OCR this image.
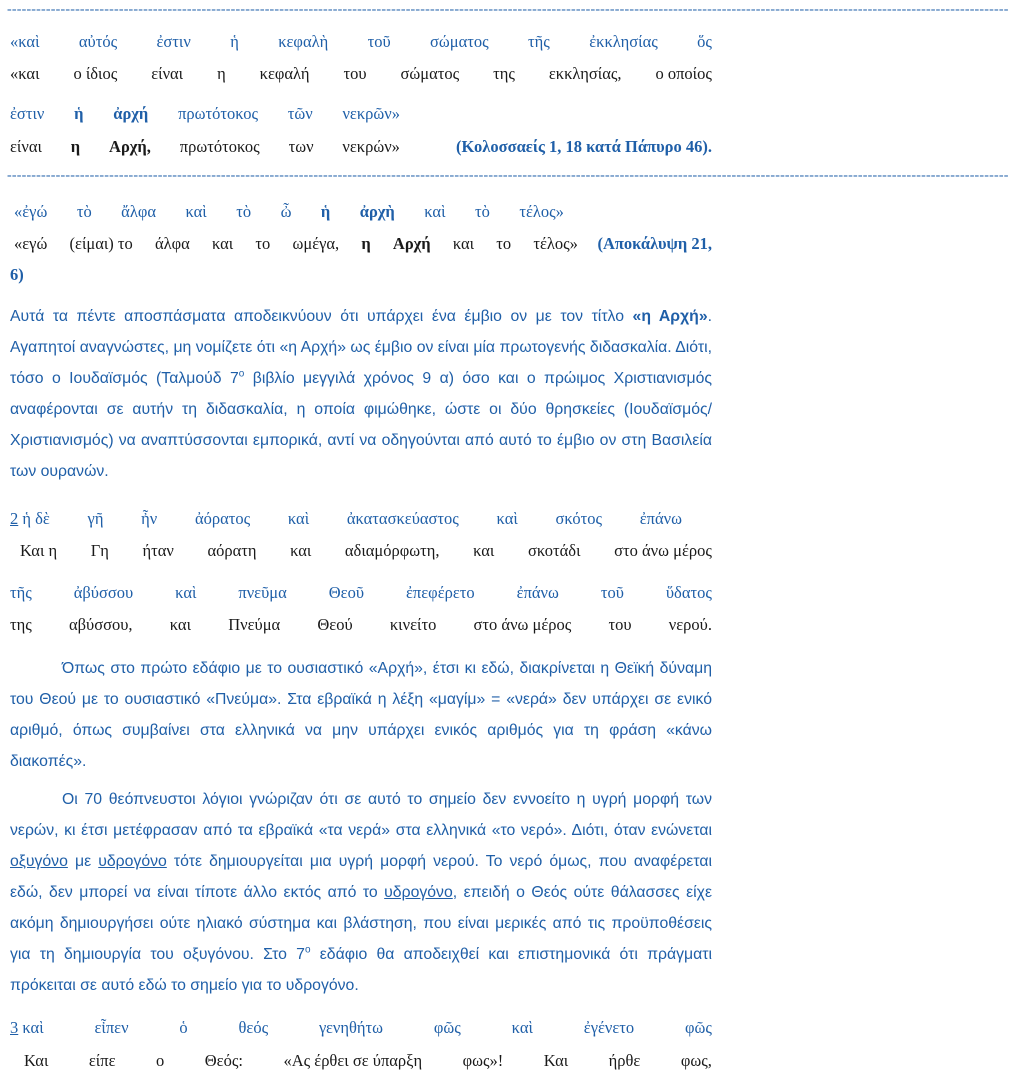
--------------------------------------------------------------------------------------------------------------------------------------------------------------------------------------------------------------
«καὶ αὐτός ἐστιν ἡ κεφαλὴ τοῦ σώματος τῆς ἐκκλησίας ὅς
«και ο ίδιος είναι η κεφαλή του σώματος της εκκλησίας, ο οποίος
ἐστιν ἡ ἀρχή πρωτότοκος τῶν νεκρῶν»
είναι η Αρχή, πρωτότοκος των νεκρών»	(Κολοσσαείς 1, 18 κατά Πάπυρο 46).
--------------------------------------------------------------------------------------------------------------------------------------------------------------------------------------------------------------
«ἐγώ τὸ ἄλφα καὶ τὸ ὦ ἡ ἀρχὴ καὶ τὸ τέλος»
«εγώ (είμαι) το άλφα και το ωμέγα, η Αρχή και το τέλος» (Αποκάλυψη 21,
6)

Αυτά τα πέντε αποσπάσματα αποδεικνύουν ότι υπάρχει ένα έμβιο ον με τον τίτλο «η Αρχή». Αγαπητοί αναγνώστες, μη νομίζετε ότι «η Αρχή» ως έμβιο ον είναι μία πρωτογενής διδασκαλία. Διότι, τόσο ο Ιουδαϊσμός (Ταλμούδ $7^o$ βιβλίο μεγγιλά χρόνος 9 α) όσο και ο πρώιμος Χριστιανισμός αναφέρονται σε αυτήν τη διδασκαλία, η οποία φιμώθηκε, ώστε οι δύο θρησκείες (Ιουδαϊσμός/Χριστιανισμός) να αναπτύσσονται εμπορικά, αντί να οδηγούνται από αυτό το έμβιο ον στη Βασιλεία των ουρανών.

2 ἡ δὲ γῆ ἦν ἀόρατος καὶ ἀκατασκεύαστος καὶ σκότος ἐπάνω
Και η Γη ήταν αόρατη και αδιαμόρφωτη, και σκοτάδι στο άνω μέρος
τῆς	ἀβύσσου	καὶ	πνεῦμα	Θεοῦ	ἐπεφέρετο	ἐπάνω	τοῦ	ὕδατος
της αβύσσου, και Πνεύμα Θεού κινείτο στο άνω μέρος του νερού.

Όπως στο πρώτο εδάφιο με το ουσιαστικό «Αρχή», έτσι κι εδώ, διακρίνεται η Θεϊκή δύναμη του Θεού με το ουσιαστικό «Πνεύμα». Στα εβραϊκά η λέξη «μαγίμ» = «νερά» δεν υπάρχει σε ενικό αριθμό, όπως συμβαίνει στα ελληνικά να μην υπάρχει ενικός αριθμός για τη φράση «κάνω διακοπές».

Οι 70 θεόπνευστοι λόγιοι γνώριζαν ότι σε αυτό το σημείο δεν εννοείτο η υγρή μορφή των νερών, κι έτσι μετέφρασαν από τα εβραϊκά «τα νερά» στα ελληνικά «το νερό». Διότι, όταν ενώνεται οξυγόνο με υδρογόνο τότε δημιουργείται μια υγρή μορφή νερού. Το νερό όμως, που αναφέρεται εδώ, δεν μπορεί να είναι τίποτε άλλο εκτός από το υδρογόνο, επειδή ο Θεός ούτε θάλασσες είχε ακόμη δημιουργήσει ούτε ηλιακό σύστημα και βλάστηση, που είναι μερικές από τις προϋποθέσεις για τη δημιουργία του οξυγόνου. Στο $7^o$ εδάφιο θα αποδειχθεί και επιστημονικά ότι πράγματι πρόκειται σε αυτό εδώ το σημείο για το υδρογόνο.

3 καὶ	εἶπεν	ὁ	θεός	γενηθήτω	φῶς	καὶ	ἐγένετο	φῶς
Και είπε ο Θεός: «Ας έρθει σε ύπαρξη φως»! Και ήρθε φως,
